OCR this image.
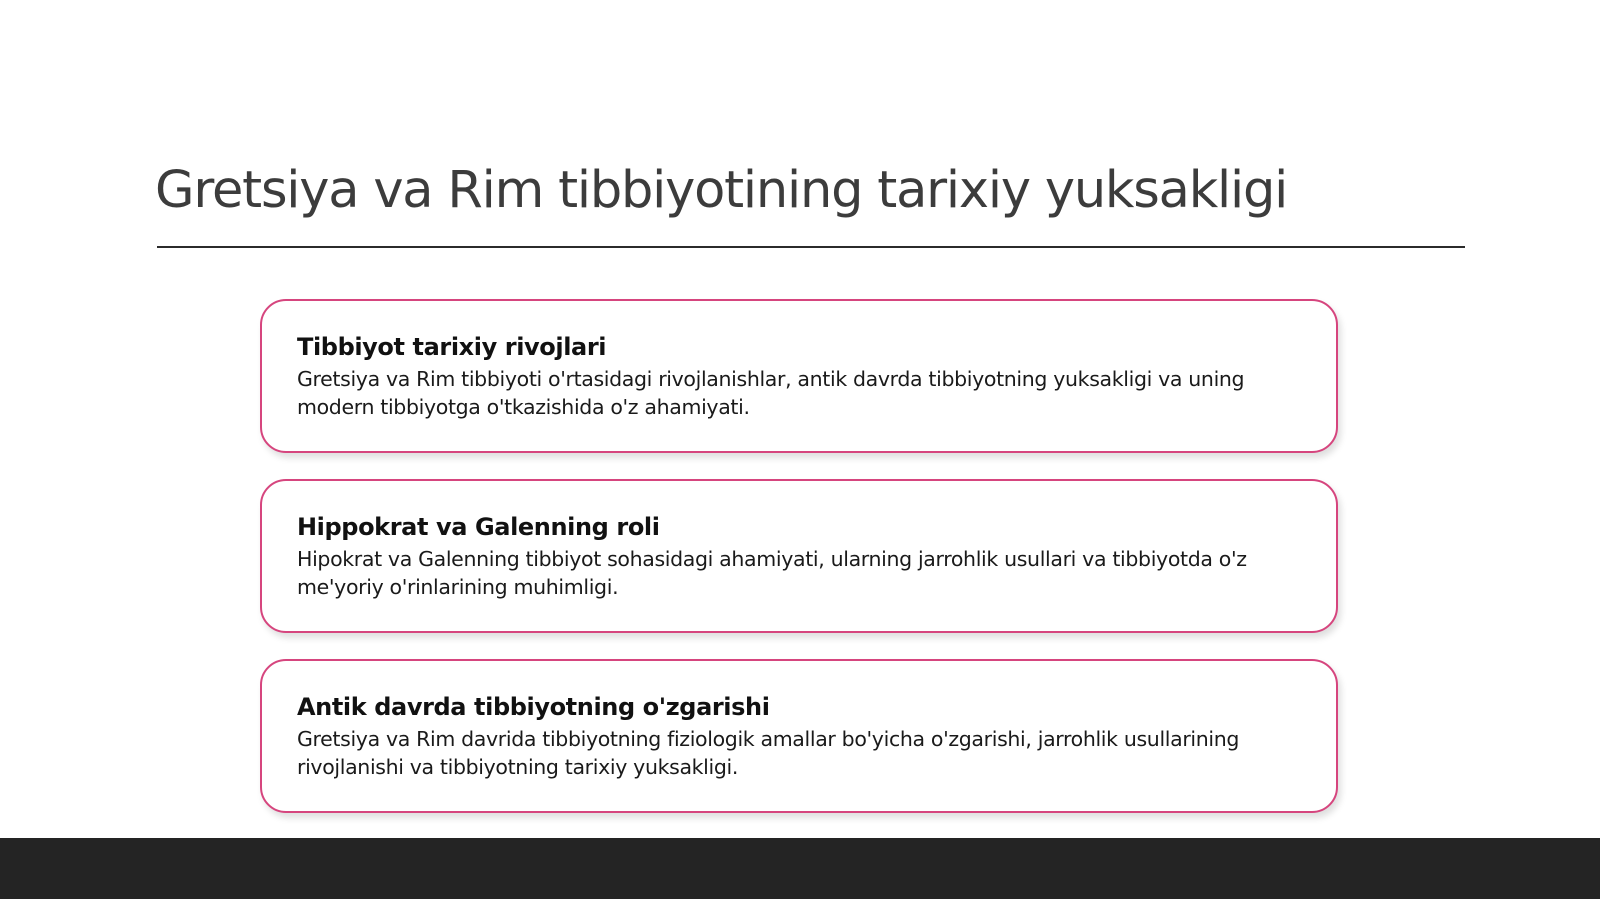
Gretsiya va Rim tibbiyotining tarixiy yuksakligi
Tibbiyot tarixiy rivojlari

Gretsiya va Rim tibbiyoti o'rtasidagi rivojlanishlar, antik davrda tibbiyotning yuksakligi va uning modern tibbiyotga o'tkazishida o'z ahamiyati.

Hippokrat va Galenning roli

Hipokrat va Galenning tibbiyot sohasidagi ahamiyati, ularning jarrohlik usullari va tibbiyotda o'z me'yoriy o'rinlarining muhimligi.

Antik davrda tibbiyotning o'zgarishi

Gretsiya va Rim davrida tibbiyotning fiziologik amallar bo'yicha o'zgarishi, jarrohlik usullarining rivojlanishi va tibbiyotning tarixiy yuksakligi.
